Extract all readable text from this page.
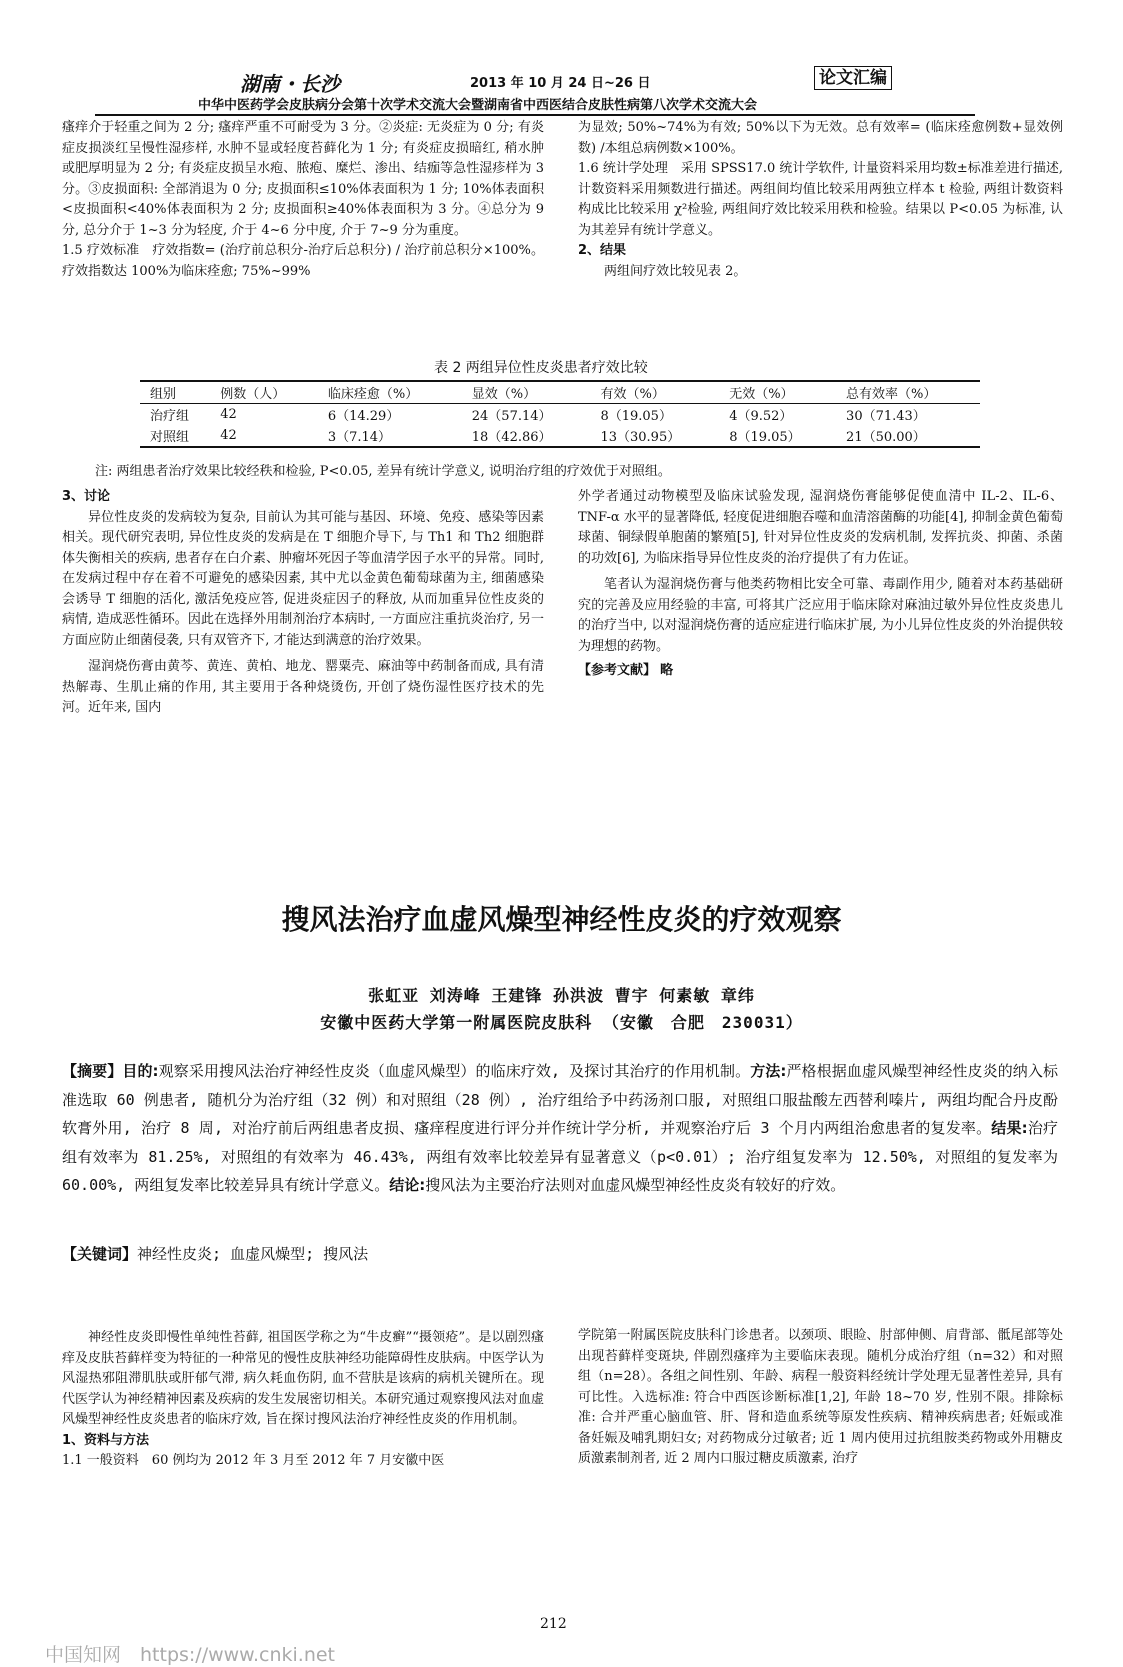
湖南・长沙	2013 年 10 月 24 日~26 日	论文汇编
中华中医药学会皮肤病分会第十次学术交流大会暨湖南省中西医结合皮肤性病第八次学术交流大会

瘙痒介于轻重之间为 2 分; 瘙痒严重不可耐受为 3 分。②炎症: 无炎症为 0 分; 有炎症皮损淡红呈慢性湿疹样, 水肿不显或轻度苔藓化为 1 分; 有炎症皮损暗红, 稍水肿或肥厚明显为 2 分; 有炎症皮损呈水疱、脓疱、糜烂、渗出、结痂等急性湿疹样为 3 分。③皮损面积: 全部消退为 0 分; 皮损面积≤10%体表面积为 1 分; 10%体表面积<皮损面积<40%体表面积为 2 分; 皮损面积≥40%体表面积为 3 分。④总分为 9 分, 总分介于 1~3 分为轻度, 介于 4~6 分中度, 介于 7~9 分为重度。

1.5 疗效标准　疗效指数= (治疗前总积分-治疗后总积分) / 治疗前总积分×100%。疗效指数达 100%为临床痊愈; 75%~99%

为显效; 50%~74%为有效; 50%以下为无效。总有效率= (临床痊愈例数+显效例数) /本组总病例数×100%。

1.6 统计学处理　采用 SPSS17.0 统计学软件, 计量资料采用均数±标准差进行描述, 计数资料采用频数进行描述。两组间均值比较采用两独立样本 t 检验, 两组计数资料构成比比较采用 χ²检验, 两组间疗效比较采用秩和检验。结果以 P<0.05 为标准, 认为其差异有统计学意义。

2、结果

两组间疗效比较见表 2。

表 2 两组异位性皮炎患者疗效比较
组别	例数（人）	临床痊愈（%）	显效（%）	有效（%）	无效（%）	总有效率（%）
治疗组	42	6（14.29）	24（57.14）	8（19.05）	4（9.52）	30（71.43）
对照组	42	3（7.14）	18（42.86）	13（30.95）	8（19.05）	21（50.00）
注: 两组患者治疗效果比较经秩和检验, P<0.05, 差异有统计学意义, 说明治疗组的疗效优于对照组。

3、讨论

异位性皮炎的发病较为复杂, 目前认为其可能与基因、环境、免疫、感染等因素相关。现代研究表明, 异位性皮炎的发病是在 T 细胞介导下, 与 Th1 和 Th2 细胞群体失衡相关的疾病, 患者存在白介素、肿瘤坏死因子等血清学因子水平的异常。同时, 在发病过程中存在着不可避免的感染因素, 其中尤以金黄色葡萄球菌为主, 细菌感染会诱导 T 细胞的活化, 激活免疫应答, 促进炎症因子的释放, 从而加重异位性皮炎的病情, 造成恶性循环。因此在选择外用制剂治疗本病时, 一方面应注重抗炎治疗, 另一方面应防止细菌侵袭, 只有双管齐下, 才能达到满意的治疗效果。

湿润烧伤膏由黄芩、黄连、黄柏、地龙、罂粟壳、麻油等中药制备而成, 具有清热解毒、生肌止痛的作用, 其主要用于各种烧烫伤, 开创了烧伤湿性医疗技术的先河。近年来, 国内

外学者通过动物模型及临床试验发现, 湿润烧伤膏能够促使血清中 IL-2、IL-6、TNF-α 水平的显著降低, 轻度促进细胞吞噬和血清溶菌酶的功能[4], 抑制金黄色葡萄球菌、铜绿假单胞菌的繁殖[5], 针对异位性皮炎的发病机制, 发挥抗炎、抑菌、杀菌的功效[6], 为临床指导异位性皮炎的治疗提供了有力佐证。

笔者认为湿润烧伤膏与他类药物相比安全可靠、毒副作用少, 随着对本药基础研究的完善及应用经验的丰富, 可将其广泛应用于临床除对麻油过敏外异位性皮炎患儿的治疗当中, 以对湿润烧伤膏的适应症进行临床扩展, 为小儿异位性皮炎的外治提供较为理想的药物。

【参考文献】 略

搜风法治疗血虚风燥型神经性皮炎的疗效观察
张虹亚 刘涛峰 王建锋 孙洪波 曹宇 何素敏 章纬
安徽中医药大学第一附属医院皮肤科 （安徽　合肥　230031）
【摘要】目的:观察采用搜风法治疗神经性皮炎（血虚风燥型）的临床疗效, 及探讨其治疗的作用机制。方法:严格根据血虚风燥型神经性皮炎的纳入标准选取 60 例患者, 随机分为治疗组（32 例）和对照组（28 例）, 治疗组给予中药汤剂口服, 对照组口服盐酸左西替利嗪片, 两组均配合丹皮酚软膏外用, 治疗 8 周, 对治疗前后两组患者皮损、瘙痒程度进行评分并作统计学分析, 并观察治疗后 3 个月内两组治愈患者的复发率。结果:治疗组有效率为 81.25%, 对照组的有效率为 46.43%, 两组有效率比较差异有显著意义（p<0.01）; 治疗组复发率为 12.50%, 对照组的复发率为 60.00%, 两组复发率比较差异具有统计学意义。结论:搜风法为主要治疗法则对血虚风燥型神经性皮炎有较好的疗效。
【关键词】神经性皮炎; 血虚风燥型; 搜风法

神经性皮炎即慢性单纯性苔藓, 祖国医学称之为“牛皮癣”“摄领疮”。是以剧烈瘙痒及皮肤苔藓样变为特征的一种常见的慢性皮肤神经功能障碍性皮肤病。中医学认为风湿热邪阻滞肌肤或肝郁气滞, 病久耗血伤阴, 血不营肤是该病的病机关键所在。现代医学认为神经精神因素及疾病的发生发展密切相关。本研究通过观察搜风法对血虚风燥型神经性皮炎患者的临床疗效, 旨在探讨搜风法治疗神经性皮炎的作用机制。

1、资料与方法

1.1 一般资料　60 例均为 2012 年 3 月至 2012 年 7 月安徽中医

学院第一附属医院皮肤科门诊患者。以颈项、眼睑、肘部伸侧、肩背部、骶尾部等处出现苔藓样变斑块, 伴剧烈瘙痒为主要临床表现。随机分成治疗组（n=32）和对照组（n=28）。各组之间性别、年龄、病程一般资料经统计学处理无显著性差异, 具有可比性。入选标准: 符合中西医诊断标准[1,2], 年龄 18~70 岁, 性别不限。排除标准: 合并严重心脑血管、肝、肾和造血系统等原发性疾病、精神疾病患者; 妊娠或准备妊娠及哺乳期妇女; 对药物成分过敏者; 近 1 周内使用过抗组胺类药物或外用糖皮质激素制剂者, 近 2 周内口服过糖皮质激素, 治疗

212
中国知网　https://www.cnki.net
